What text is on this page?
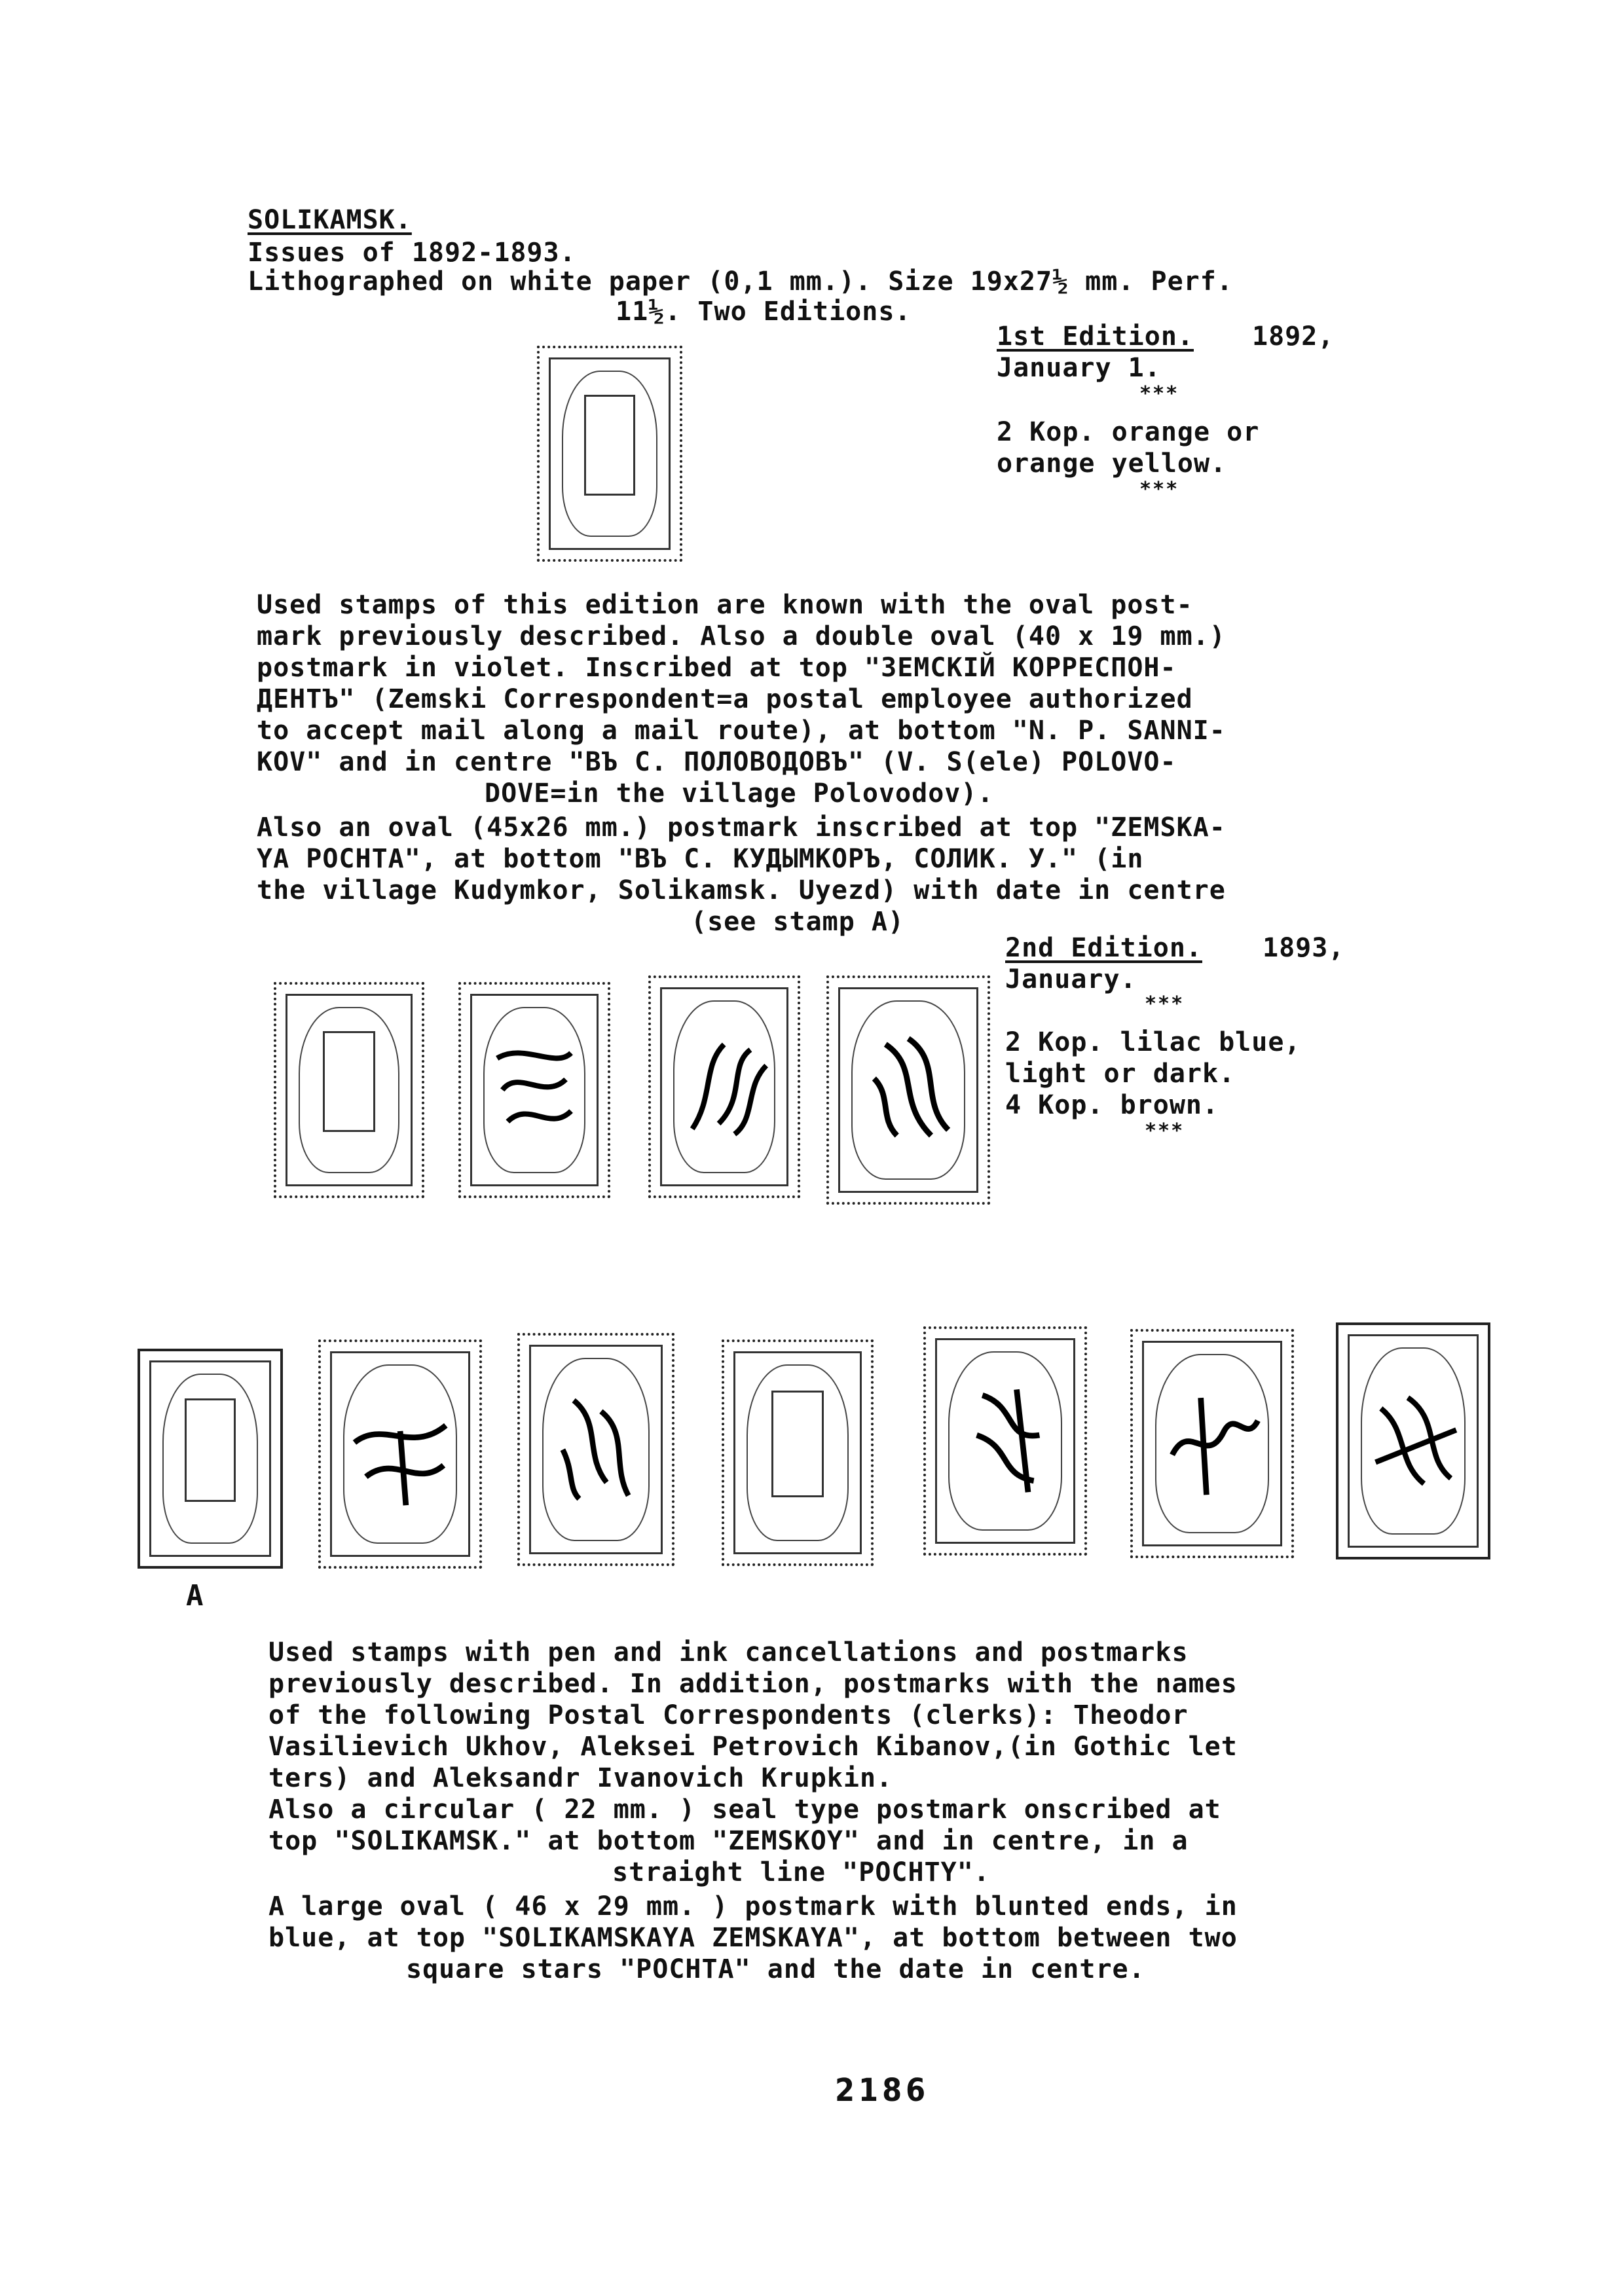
SOLIKAMSK.
Issues of 1892-1893.
Lithographed on white paper (0,1 mm.). Size 19x27½ mm. Perf.
11½. Two Editions.
1st Edition. 1892,
January 1.
***
2 Kop. orange or
orange yellow.
***
Used stamps of this edition are known with the oval post-
mark previously described. Also a double oval (40 x 19 mm.)
postmark in violet. Inscribed at top "ЗЕМСКIЙ КОРРЕСПОН-
ДЕНТЪ" (Zemski Correspondent=a postal employee authorized
to accept mail along a mail route), at bottom "N. P. SANNI-
KOV" and in centre "ВЪ С. ПОЛОВОДОВЪ" (V. S(ele) POLOVO-
DOVE=in the village Polovodov).
Also an oval (45x26 mm.) postmark inscribed at top "ZEMSKA-
YA POCHTA", at bottom "ВЪ С. КУДЫМКОРЪ, СОЛИК. У." (in
the village Kudymkor, Solikamsk. Uyezd) with date in centre
(see stamp A)
2nd Edition. 1893,
January.
***
2 Kop. lilac blue,
light or dark.
4 Kop. brown.
***
A
Used stamps with pen and ink cancellations and postmarks
previously described. In addition, postmarks with the names
of the following Postal Correspondents (clerks): Theodor
Vasilievich Ukhov, Aleksei Petrovich Kibanov,(in Gothic let
ters) and Aleksandr Ivanovich Krupkin.
Also a circular ( 22 mm. ) seal type postmark onscribed at
top "SOLIKAMSK." at bottom "ZEMSKOY" and in centre, in a
straight line "POCHTY".
A large oval ( 46 x 29 mm. ) postmark with blunted ends, in
blue, at top "SOLIKAMSKAYA ZEMSKAYA", at bottom between two
square stars "POCHTA" and the date in centre.
2186
